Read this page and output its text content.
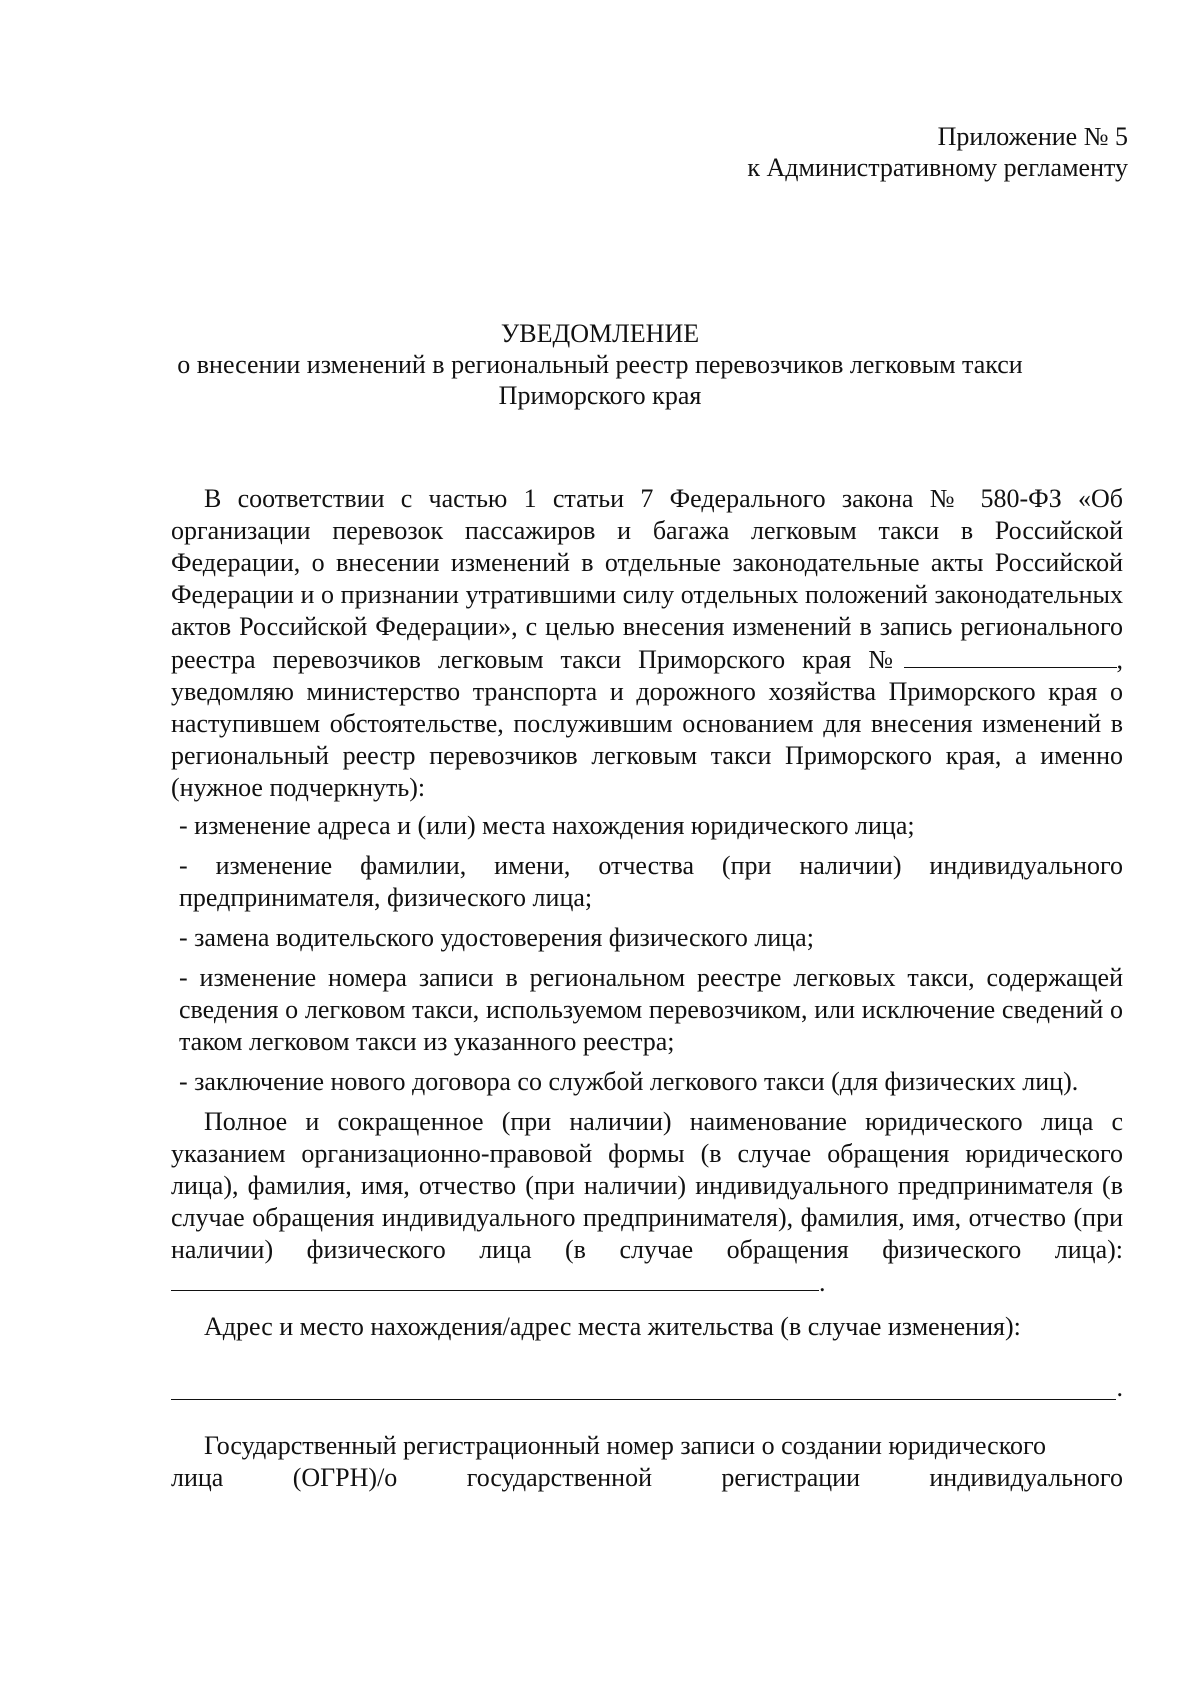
Приложение № 5
к Административному регламенту
УВЕДОМЛЕНИЕ
о внесении изменений в региональный реестр перевозчиков легковым такси
Приморского края

В соответствии с частью 1 статьи 7 Федерального закона № 580-ФЗ «Об организации перевозок пассажиров и багажа легковым такси в Российской Федерации, о внесении изменений в отдельные законодательные акты Российской Федерации и о признании утратившими силу отдельных положений законодательных актов Российской Федерации», с целью внесения изменений в запись регионального реестра перевозчиков легковым такси Приморского края №	, уведомляю министерство транспорта и дорожного хозяйства Приморского края о наступившем обстоятельстве, послужившим основанием для внесения изменений в региональный реестр перевозчиков легковым такси Приморского края, а именно (нужное подчеркнуть):

- изменение адреса и (или) места нахождения юридического лица;

- изменение фамилии, имени, отчества (при наличии) индивидуального предпринимателя, физического лица;

- замена водительского удостоверения физического лица;

- изменение номера записи в региональном реестре легковых такси, содержащей сведения о легковом такси, используемом перевозчиком, или исключение сведений о таком легковом такси из указанного реестра;

- заключение нового договора со службой легкового такси (для физических лиц).

Полное и сокращенное (при наличии) наименование юридического лица с указанием организационно-правовой формы (в случае обращения юридического лица), фамилия, имя, отчество (при наличии) индивидуального предпринимателя (в случае обращения индивидуального предпринимателя), фамилия, имя, отчество (при наличии) физического лица (в случае обращения физического лица): .

Адрес и место нахождения/адрес места жительства (в случае изменения):

.
Государственный регистрационный номер записи о создании юридического
лица	(ОГРН)/о	государственной	регистрации	индивидуального
